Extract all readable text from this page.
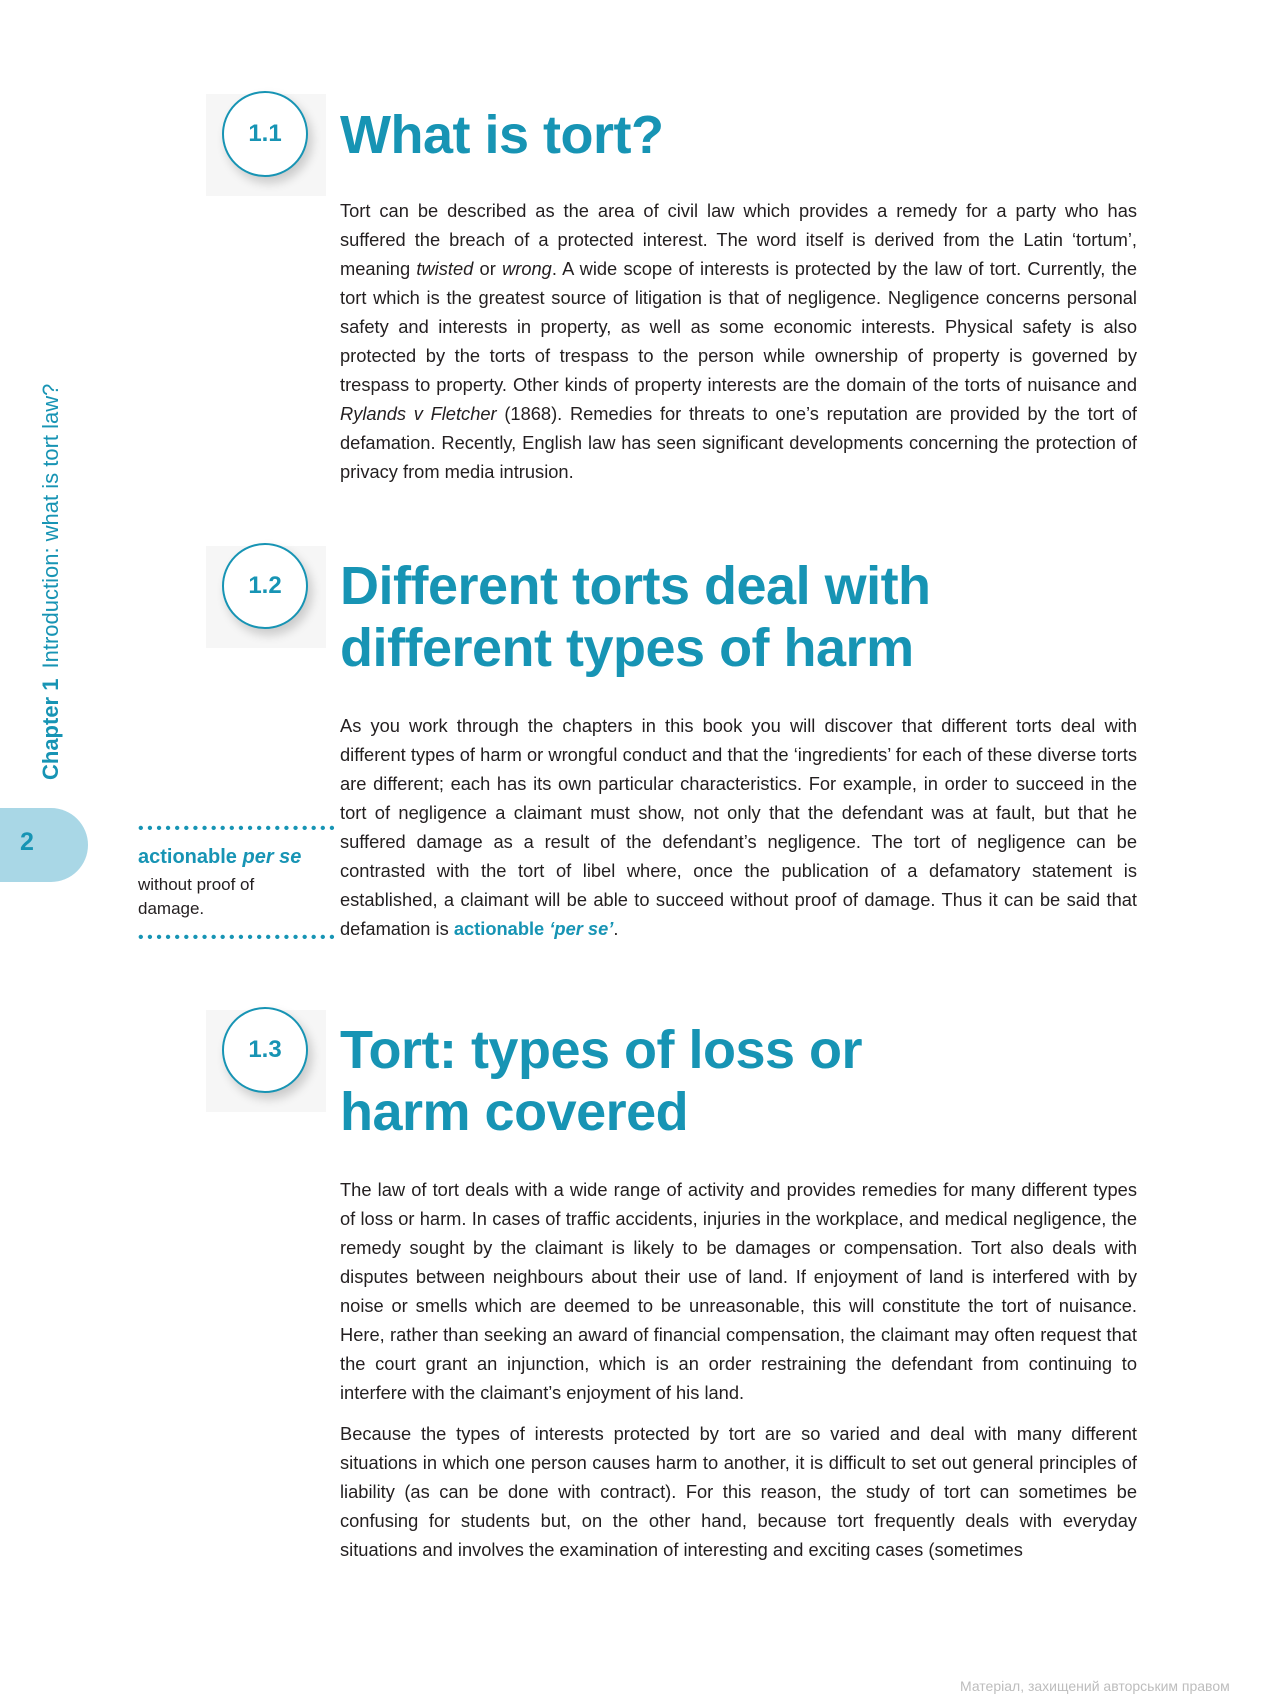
Chapter 1Introduction: what is tort law?
2
1.1	What is tort?

Tort can be described as the area of civil law which provides a remedy for a party who has suffered the breach of a protected interest. The word itself is derived from the Latin ‘tortum’, meaning twisted or wrong. A wide scope of interests is protected by the law of tort. Currently, the tort which is the greatest source of litigation is that of negligence. Negligence concerns personal safety and interests in property, as well as some economic interests. Physical safety is also protected by the torts of trespass to the person while ownership of property is governed by trespass to property. Other kinds of property interests are the domain of the torts of nuisance and Rylands v Fletcher (1868). Remedies for threats to one’s reputation are provided by the tort of defamation. Recently, English law has seen significant developments concerning the protection of privacy from media intrusion.

1.2	Different torts deal with
different types of harm

As you work through the chapters in this book you will discover that different torts deal with different types of harm or wrongful conduct and that the ‘ingredients’ for each of these diverse torts are different; each has its own particular characteristics. For example, in order to succeed in the tort of negligence a claimant must show, not only that the defendant was at fault, but that he suffered damage as a result of the defendant’s negligence. The tort of negligence can be contrasted with the tort of libel where, once the publication of a defamatory statement is established, a claimant will be able to succeed without proof of damage. Thus it can be said that defamation is actionable ‘per se’.

••••••••••••••••••••••
actionable per se
without proof of damage.
••••••••••••••••••••••
1.3	Tort: types of loss or
harm covered

The law of tort deals with a wide range of activity and provides remedies for many different types of loss or harm. In cases of traffic accidents, injuries in the workplace, and medical negligence, the remedy sought by the claimant is likely to be damages or compensation. Tort also deals with disputes between neighbours about their use of land. If enjoyment of land is interfered with by noise or smells which are deemed to be unreasonable, this will constitute the tort of nuisance. Here, rather than seeking an award of financial compensation, the claimant may often request that the court grant an injunction, which is an order restraining the defendant from continuing to interfere with the claimant’s enjoyment of his land.

Because the types of interests protected by tort are so varied and deal with many different situations in which one person causes harm to another, it is difficult to set out general principles of liability (as can be done with contract). For this reason, the study of tort can sometimes be confusing for students but, on the other hand, because tort frequently deals with everyday situations and involves the examination of interesting and exciting cases (sometimes

Матеріал, захищений авторським правом
